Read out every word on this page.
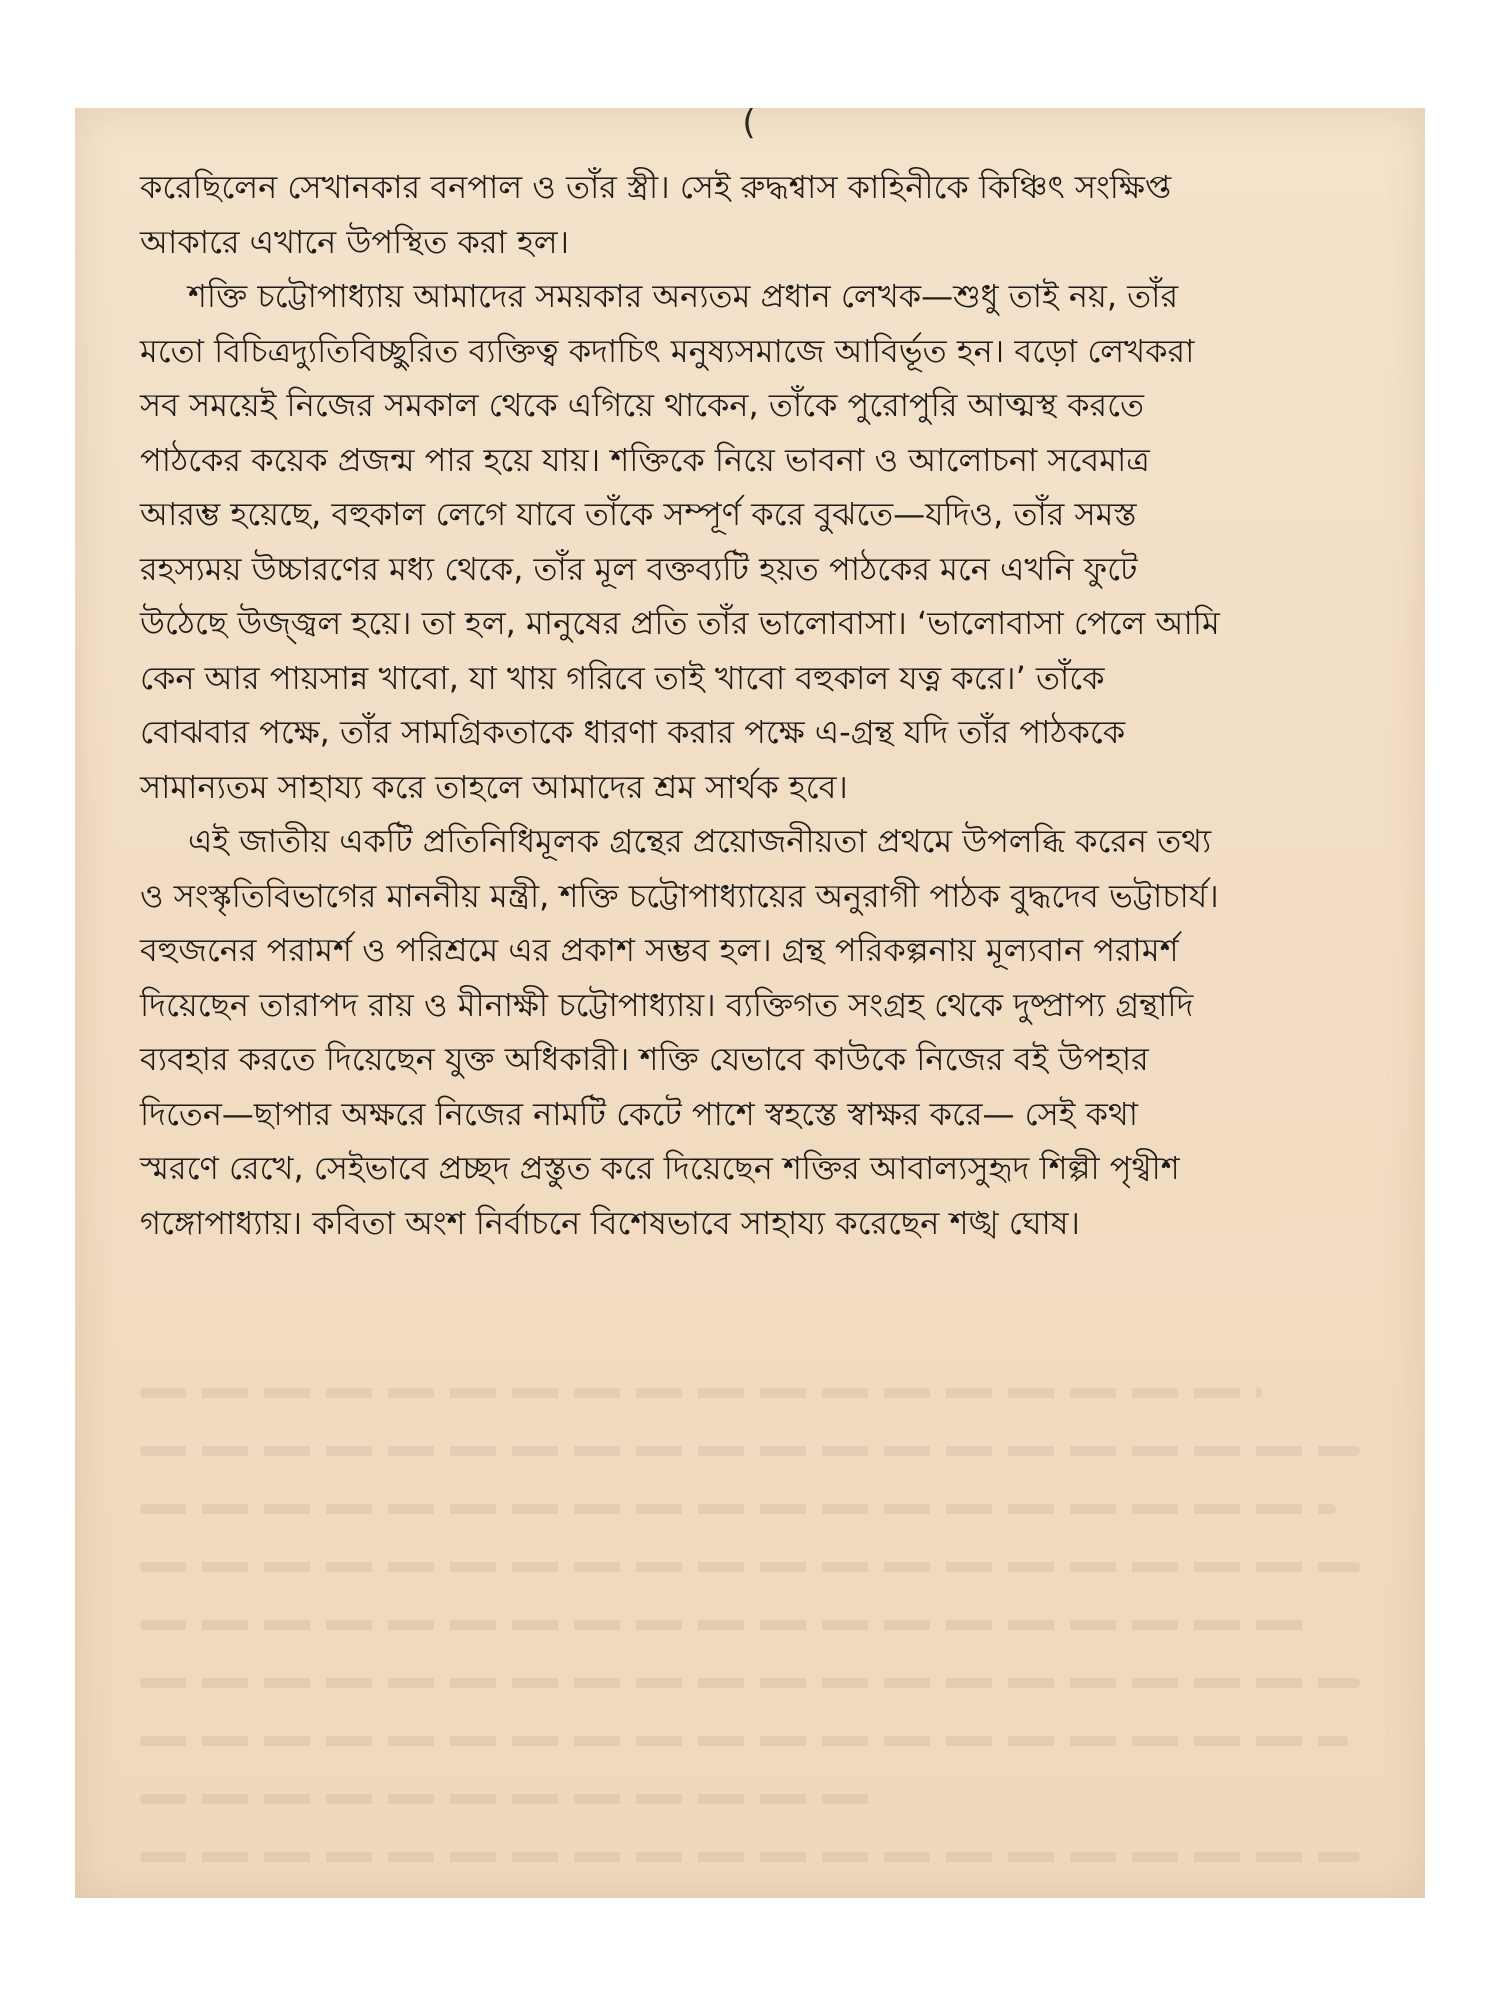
(

করেছিলেন সেখানকার বনপাল ও তাঁর স্ত্রী। সেই রুদ্ধশ্বাস কাহিনীকে কিঞ্চিৎ সংক্ষিপ্ত
আকারে এখানে উপস্থিত করা হল।

শক্তি চট্টোপাধ্যায় আমাদের সময়কার অন্যতম প্রধান লেখক—শুধু তাই নয়, তাঁর
মতো বিচিত্রদ্যুতিবিচ্ছুরিত ব্যক্তিত্ব কদাচিৎ মনুষ্যসমাজে আবির্ভূত হন। বড়ো লেখকরা
সব সময়েই নিজের সমকাল থেকে এগিয়ে থাকেন, তাঁকে পুরোপুরি আত্মস্থ করতে
পাঠকের কয়েক প্রজন্ম পার হয়ে যায়। শক্তিকে নিয়ে ভাবনা ও আলোচনা সবেমাত্র
আরম্ভ হয়েছে, বহুকাল লেগে যাবে তাঁকে সম্পূর্ণ করে বুঝতে—যদিও, তাঁর সমস্ত
রহস্যময় উচ্চারণের মধ্য থেকে, তাঁর মূল বক্তব্যটি হয়ত পাঠকের মনে এখনি ফুটে
উঠেছে উজ্জ্বল হয়ে। তা হল, মানুষের প্রতি তাঁর ভালোবাসা। ‘ভালোবাসা পেলে আমি
কেন আর পায়সান্ন খাবো, যা খায় গরিবে তাই খাবো বহুকাল যত্ন করে।’ তাঁকে
বোঝবার পক্ষে, তাঁর সামগ্রিকতাকে ধারণা করার পক্ষে এ-গ্রন্থ যদি তাঁর পাঠককে
সামান্যতম সাহায্য করে তাহলে আমাদের শ্রম সার্থক হবে।

এই জাতীয় একটি প্রতিনিধিমূলক গ্রন্থের প্রয়োজনীয়তা প্রথমে উপলব্ধি করেন তথ্য
ও সংস্কৃতিবিভাগের মাননীয় মন্ত্রী, শক্তি চট্টোপাধ্যায়ের অনুরাগী পাঠক বুদ্ধদেব ভট্টাচার্য।
বহুজনের পরামর্শ ও পরিশ্রমে এর প্রকাশ সম্ভব হল। গ্রন্থ পরিকল্পনায় মূল্যবান পরামর্শ
দিয়েছেন তারাপদ রায় ও মীনাক্ষী চট্টোপাধ্যায়। ব্যক্তিগত সংগ্রহ থেকে দুষ্প্রাপ্য গ্রন্থাদি
ব্যবহার করতে দিয়েছেন যুক্ত অধিকারী। শক্তি যেভাবে কাউকে নিজের বই উপহার
দিতেন—ছাপার অক্ষরে নিজের নামটি কেটে পাশে স্বহস্তে স্বাক্ষর করে— সেই কথা
স্মরণে রেখে, সেইভাবে প্রচ্ছদ প্রস্তুত করে দিয়েছেন শক্তির আবাল্যসুহৃদ শিল্পী পৃথ্বীশ
গঙ্গোপাধ্যায়। কবিতা অংশ নির্বাচনে বিশেষভাবে সাহায্য করেছেন শঙ্খ ঘোষ।
